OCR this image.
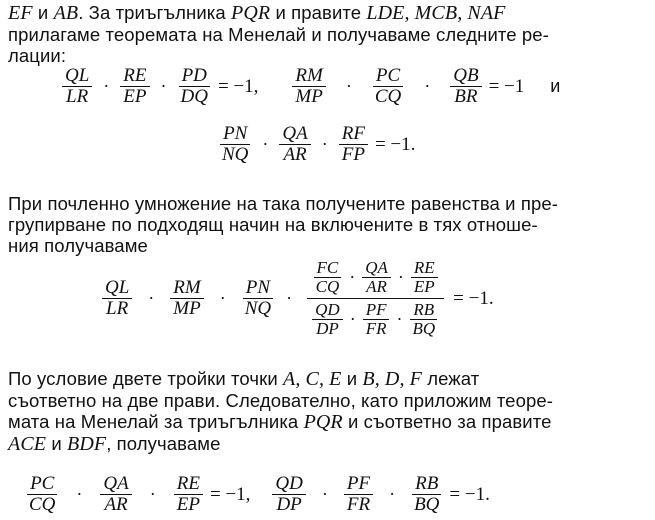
EF и AB. За триъгълника PQR и правите LDE, MCB, NAF
прилагаме теоремата на Менелай и получаваме следните ре-
лации:
$\frac{QL}{LR} \cdot \frac{RE}{EP} \cdot \frac{PD}{DQ} = -1$, $\frac{RM}{MP} \cdot \frac{PC}{CQ} \cdot \frac{QB}{BR} = -1$ и
$\frac{PN}{NQ} \cdot \frac{QA}{AR} \cdot \frac{RF}{FP} = -1$.
При почленно умножение на така получените равенства и пре-
групирване по подходящ начин на включените в тях отноше-
ния получаваме
$\frac{QL}{LR} \cdot \frac{RM}{MP} \cdot \frac{PN}{NQ}$ ·
$\frac{FC}{CQ} \cdot \frac{QA}{AR} \cdot \frac{RE}{EP}$
$\frac{QD}{DP} \cdot \frac{PF}{FR} \cdot \frac{RB}{BQ}$
= −1.
По условие двете тройки точки A, C, E и B, D, F лежат
съответно на две прави. Следователно, като приложим теоре-
мата на Менелай за триъгълника PQR и съответно за правите
ACE и BDF, получаваме
$\frac{PC}{CQ} \cdot \frac{QA}{AR} \cdot \frac{RE}{EP} = -1$, $\frac{QD}{DP} \cdot \frac{PF}{FR} \cdot \frac{RB}{BQ} = -1$.
